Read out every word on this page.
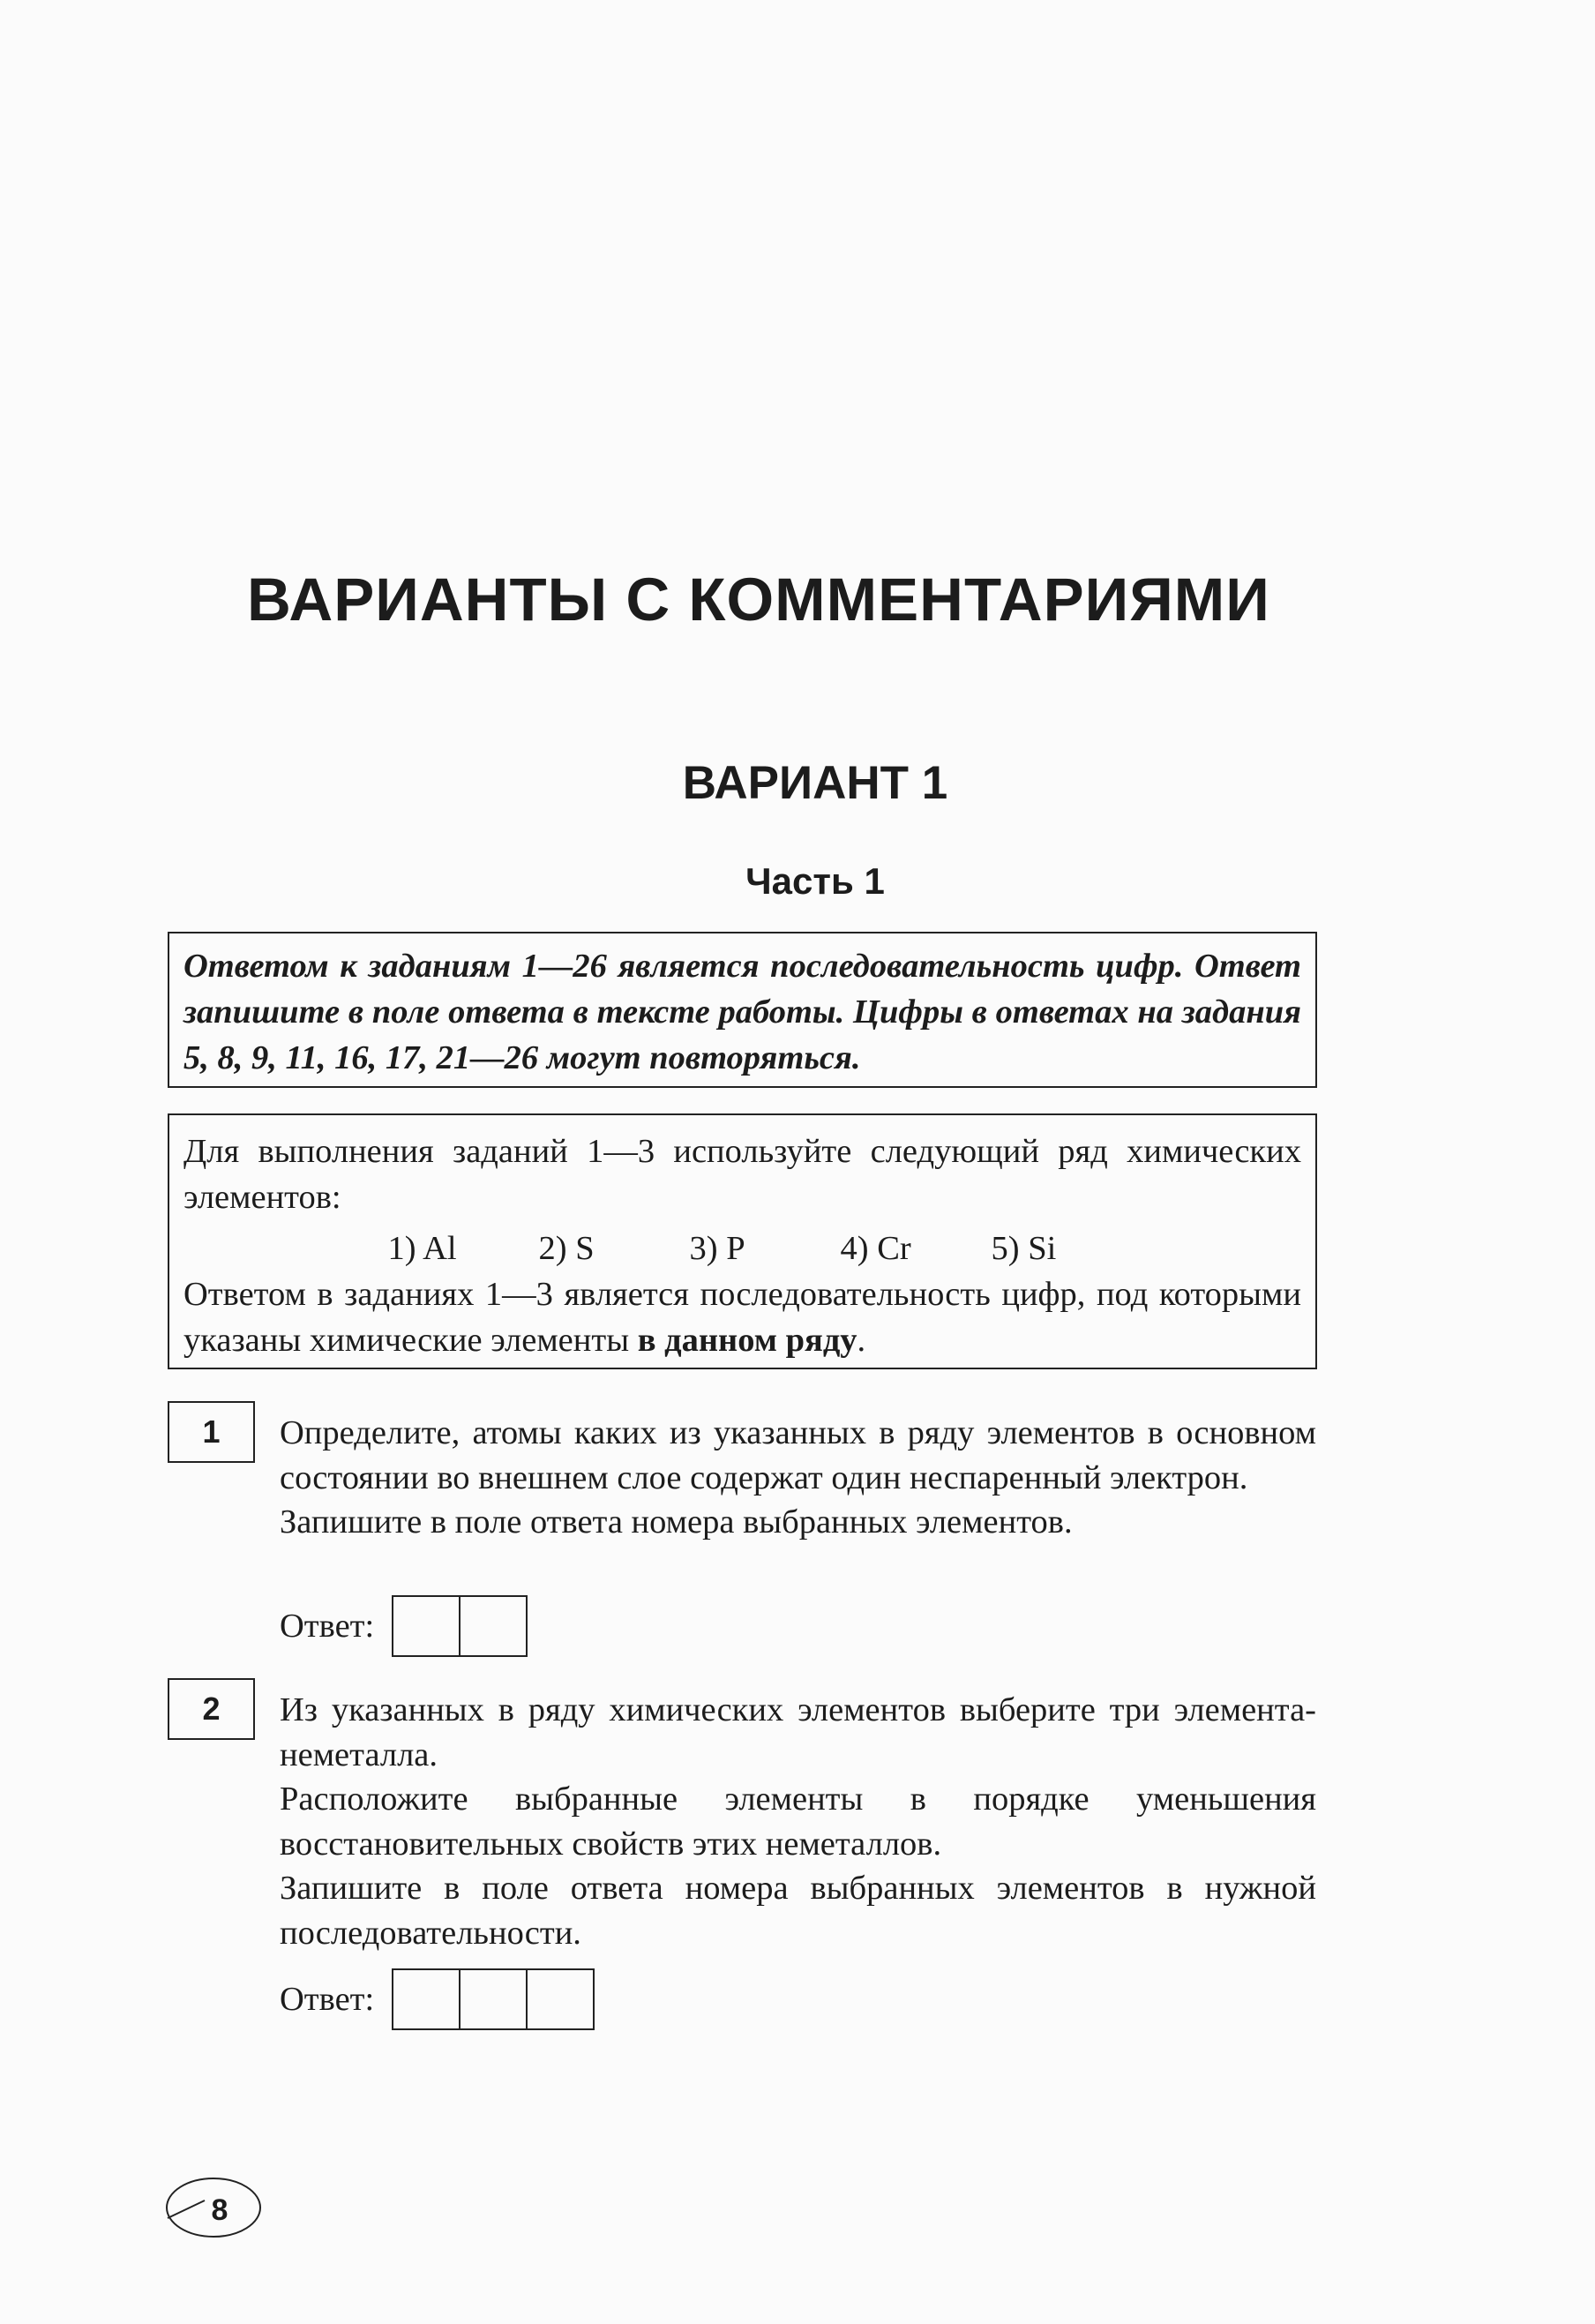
ВАРИАНТЫ С КОММЕНТАРИЯМИ
ВАРИАНТ 1
Часть 1
Ответом к заданиям 1—26 является последовательность цифр. Ответ запишите в поле ответа в тексте работы. Цифры в ответах на задания 5, 8, 9, 11, 16, 17, 21—26 могут повторяться.
Для выполнения заданий 1—3 используйте следующий ряд химических элементов:
1) Al	2) S	3) P	4) Cr	5) Si
Ответом в заданиях 1—3 является последовательность цифр, под которыми указаны химические элементы в данном ряду.
1 Определите, атомы каких из указанных в ряду элементов в основном состоянии во внешнем слое содержат один неспаренный электрон.

Запишите в поле ответа номера выбранных элементов.

Ответ:
2 Из указанных в ряду химических элементов выберите три элемента-неметалла.

Расположите выбранные элементы в порядке уменьшения восстановительных свойств этих неметаллов.

Запишите в поле ответа номера выбранных элементов в нужной последовательности.

Ответ:
8
